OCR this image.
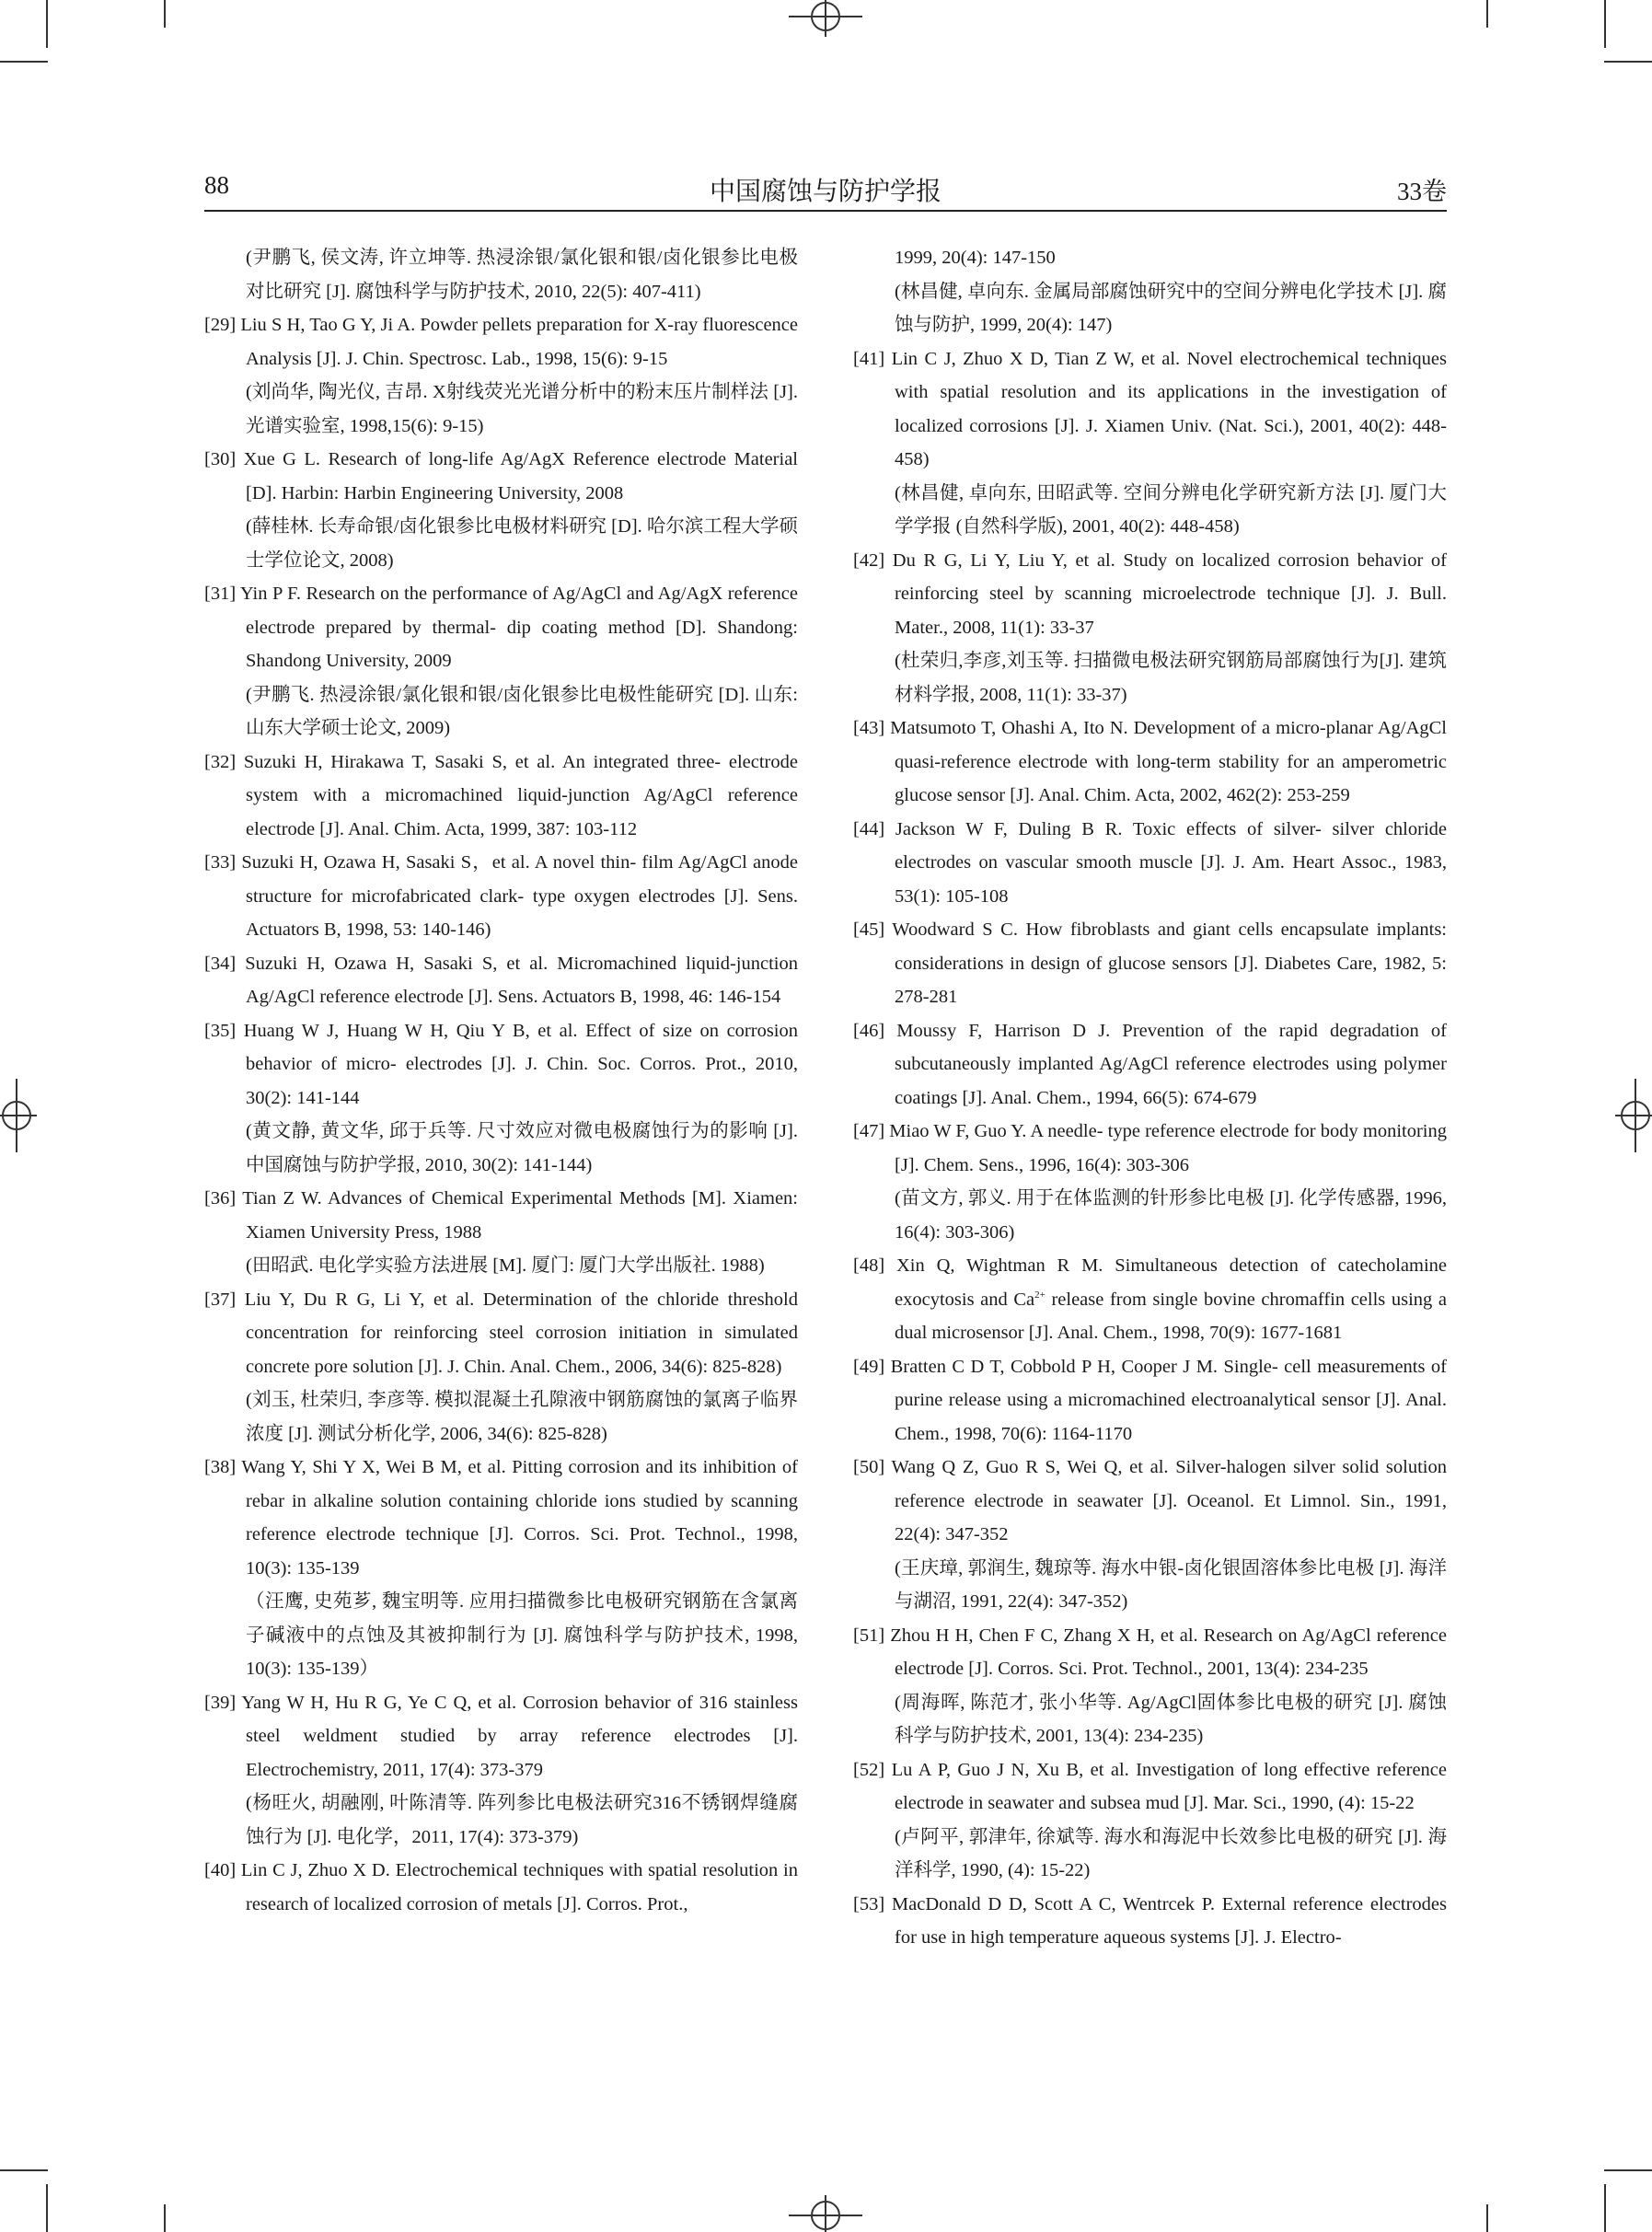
中国腐蚀与防护学报
88	33卷

(尹鹏飞, 侯文涛, 许立坤等. 热浸涂银/氯化银和银/卤化银参比电极对比研究 [J]. 腐蚀科学与防护技术, 2010, 22(5): 407-411)

[29] Liu S H, Tao G Y, Ji A. Powder pellets preparation for X-ray fluorescence Analysis [J]. J. Chin. Spectrosc. Lab., 1998, 15(6): 9-15

(刘尚华, 陶光仪, 吉昂. X射线荧光光谱分析中的粉末压片制样法 [J]. 光谱实验室, 1998,15(6): 9-15)

[30] Xue G L. Research of long-life Ag/AgX Reference electrode Material [D]. Harbin: Harbin Engineering University, 2008

(薛桂林. 长寿命银/卤化银参比电极材料研究 [D]. 哈尔滨工程大学硕士学位论文, 2008)

[31] Yin P F. Research on the performance of Ag/AgCl and Ag/AgX reference electrode prepared by thermal- dip coating method [D]. Shandong: Shandong University, 2009

(尹鹏飞. 热浸涂银/氯化银和银/卤化银参比电极性能研究 [D]. 山东: 山东大学硕士论文, 2009)

[32] Suzuki H, Hirakawa T, Sasaki S, et al. An integrated three- electrode system with a micromachined liquid-junction Ag/AgCl reference electrode [J]. Anal. Chim. Acta, 1999, 387: 103-112

[33] Suzuki H, Ozawa H, Sasaki S，et al. A novel thin- film Ag/AgCl anode structure for microfabricated clark- type oxygen electrodes [J]. Sens. Actuators B, 1998, 53: 140-146)

[34] Suzuki H, Ozawa H, Sasaki S, et al. Micromachined liquid-junction Ag/AgCl reference electrode [J]. Sens. Actuators B, 1998, 46: 146-154

[35] Huang W J, Huang W H, Qiu Y B, et al. Effect of size on corrosion behavior of micro- electrodes [J]. J. Chin. Soc. Corros. Prot., 2010, 30(2): 141-144

(黄文静, 黄文华, 邱于兵等. 尺寸效应对微电极腐蚀行为的影响 [J]. 中国腐蚀与防护学报, 2010, 30(2): 141-144)

[36] Tian Z W. Advances of Chemical Experimental Methods [M]. Xiamen: Xiamen University Press, 1988

(田昭武. 电化学实验方法进展 [M]. 厦门: 厦门大学出版社. 1988)

[37] Liu Y, Du R G, Li Y, et al. Determination of the chloride threshold concentration for reinforcing steel corrosion initiation in simulated concrete pore solution [J]. J. Chin. Anal. Chem., 2006, 34(6): 825-828)

(刘玉, 杜荣归, 李彦等. 模拟混凝土孔隙液中钢筋腐蚀的氯离子临界浓度 [J]. 测试分析化学, 2006, 34(6): 825-828)

[38] Wang Y, Shi Y X, Wei B M, et al. Pitting corrosion and its inhibition of rebar in alkaline solution containing chloride ions studied by scanning reference electrode technique [J]. Corros. Sci. Prot. Technol., 1998, 10(3): 135-139

（汪鹰, 史苑芗, 魏宝明等. 应用扫描微参比电极研究钢筋在含氯离子碱液中的点蚀及其被抑制行为 [J]. 腐蚀科学与防护技术, 1998, 10(3): 135-139）

[39] Yang W H, Hu R G, Ye C Q, et al. Corrosion behavior of 316 stainless steel weldment studied by array reference electrodes [J]. Electrochemistry, 2011, 17(4): 373-379

(杨旺火, 胡融刚, 叶陈清等. 阵列参比电极法研究316不锈钢焊缝腐蚀行为 [J]. 电化学，2011, 17(4): 373-379)

[40] Lin C J, Zhuo X D. Electrochemical techniques with spatial resolution in research of localized corrosion of metals [J]. Corros. Prot.,

1999, 20(4): 147-150

(林昌健, 卓向东. 金属局部腐蚀研究中的空间分辨电化学技术 [J]. 腐蚀与防护, 1999, 20(4): 147)

[41] Lin C J, Zhuo X D, Tian Z W, et al. Novel electrochemical techniques with spatial resolution and its applications in the investigation of localized corrosions [J]. J. Xiamen Univ. (Nat. Sci.), 2001, 40(2): 448-458)

(林昌健, 卓向东, 田昭武等. 空间分辨电化学研究新方法 [J]. 厦门大学学报 (自然科学版), 2001, 40(2): 448-458)

[42] Du R G, Li Y, Liu Y, et al. Study on localized corrosion behavior of reinforcing steel by scanning microelectrode technique [J]. J. Bull. Mater., 2008, 11(1): 33-37

(杜荣归,李彦,刘玉等. 扫描微电极法研究钢筋局部腐蚀行为[J]. 建筑材料学报, 2008, 11(1): 33-37)

[43] Matsumoto T, Ohashi A, Ito N. Development of a micro-planar Ag/AgCl quasi-reference electrode with long-term stability for an amperometric glucose sensor [J]. Anal. Chim. Acta, 2002, 462(2): 253-259

[44] Jackson W F, Duling B R. Toxic effects of silver- silver chloride electrodes on vascular smooth muscle [J]. J. Am. Heart Assoc., 1983, 53(1): 105-108

[45] Woodward S C. How fibroblasts and giant cells encapsulate implants: considerations in design of glucose sensors [J]. Diabetes Care, 1982, 5: 278-281

[46] Moussy F, Harrison D J. Prevention of the rapid degradation of subcutaneously implanted Ag/AgCl reference electrodes using polymer coatings [J]. Anal. Chem., 1994, 66(5): 674-679

[47] Miao W F, Guo Y. A needle- type reference electrode for body monitoring [J]. Chem. Sens., 1996, 16(4): 303-306

(苗文方, 郭义. 用于在体监测的针形参比电极 [J]. 化学传感器, 1996, 16(4): 303-306)

[48] Xin Q, Wightman R M. Simultaneous detection of catecholamine exocytosis and $Ca^{2+}$ release from single bovine chromaffin cells using a dual microsensor [J]. Anal. Chem., 1998, 70(9): 1677-1681

[49] Bratten C D T, Cobbold P H, Cooper J M. Single- cell measurements of purine release using a micromachined electroanalytical sensor [J]. Anal. Chem., 1998, 70(6): 1164-1170

[50] Wang Q Z, Guo R S, Wei Q, et al. Silver-halogen silver solid solution reference electrode in seawater [J]. Oceanol. Et Limnol. Sin., 1991, 22(4): 347-352

(王庆璋, 郭润生, 魏琼等. 海水中银-卤化银固溶体参比电极 [J]. 海洋与湖沼, 1991, 22(4): 347-352)

[51] Zhou H H, Chen F C, Zhang X H, et al. Research on Ag/AgCl reference electrode [J]. Corros. Sci. Prot. Technol., 2001, 13(4): 234-235

(周海晖, 陈范才, 张小华等. Ag/AgCl固体参比电极的研究 [J]. 腐蚀科学与防护技术, 2001, 13(4): 234-235)

[52] Lu A P, Guo J N, Xu B, et al. Investigation of long effective reference electrode in seawater and subsea mud [J]. Mar. Sci., 1990, (4): 15-22

(卢阿平, 郭津年, 徐斌等. 海水和海泥中长效参比电极的研究 [J]. 海洋科学, 1990, (4): 15-22)

[53] MacDonald D D, Scott A C, Wentrcek P. External reference electrodes for use in high temperature aqueous systems [J]. J. Electro-
